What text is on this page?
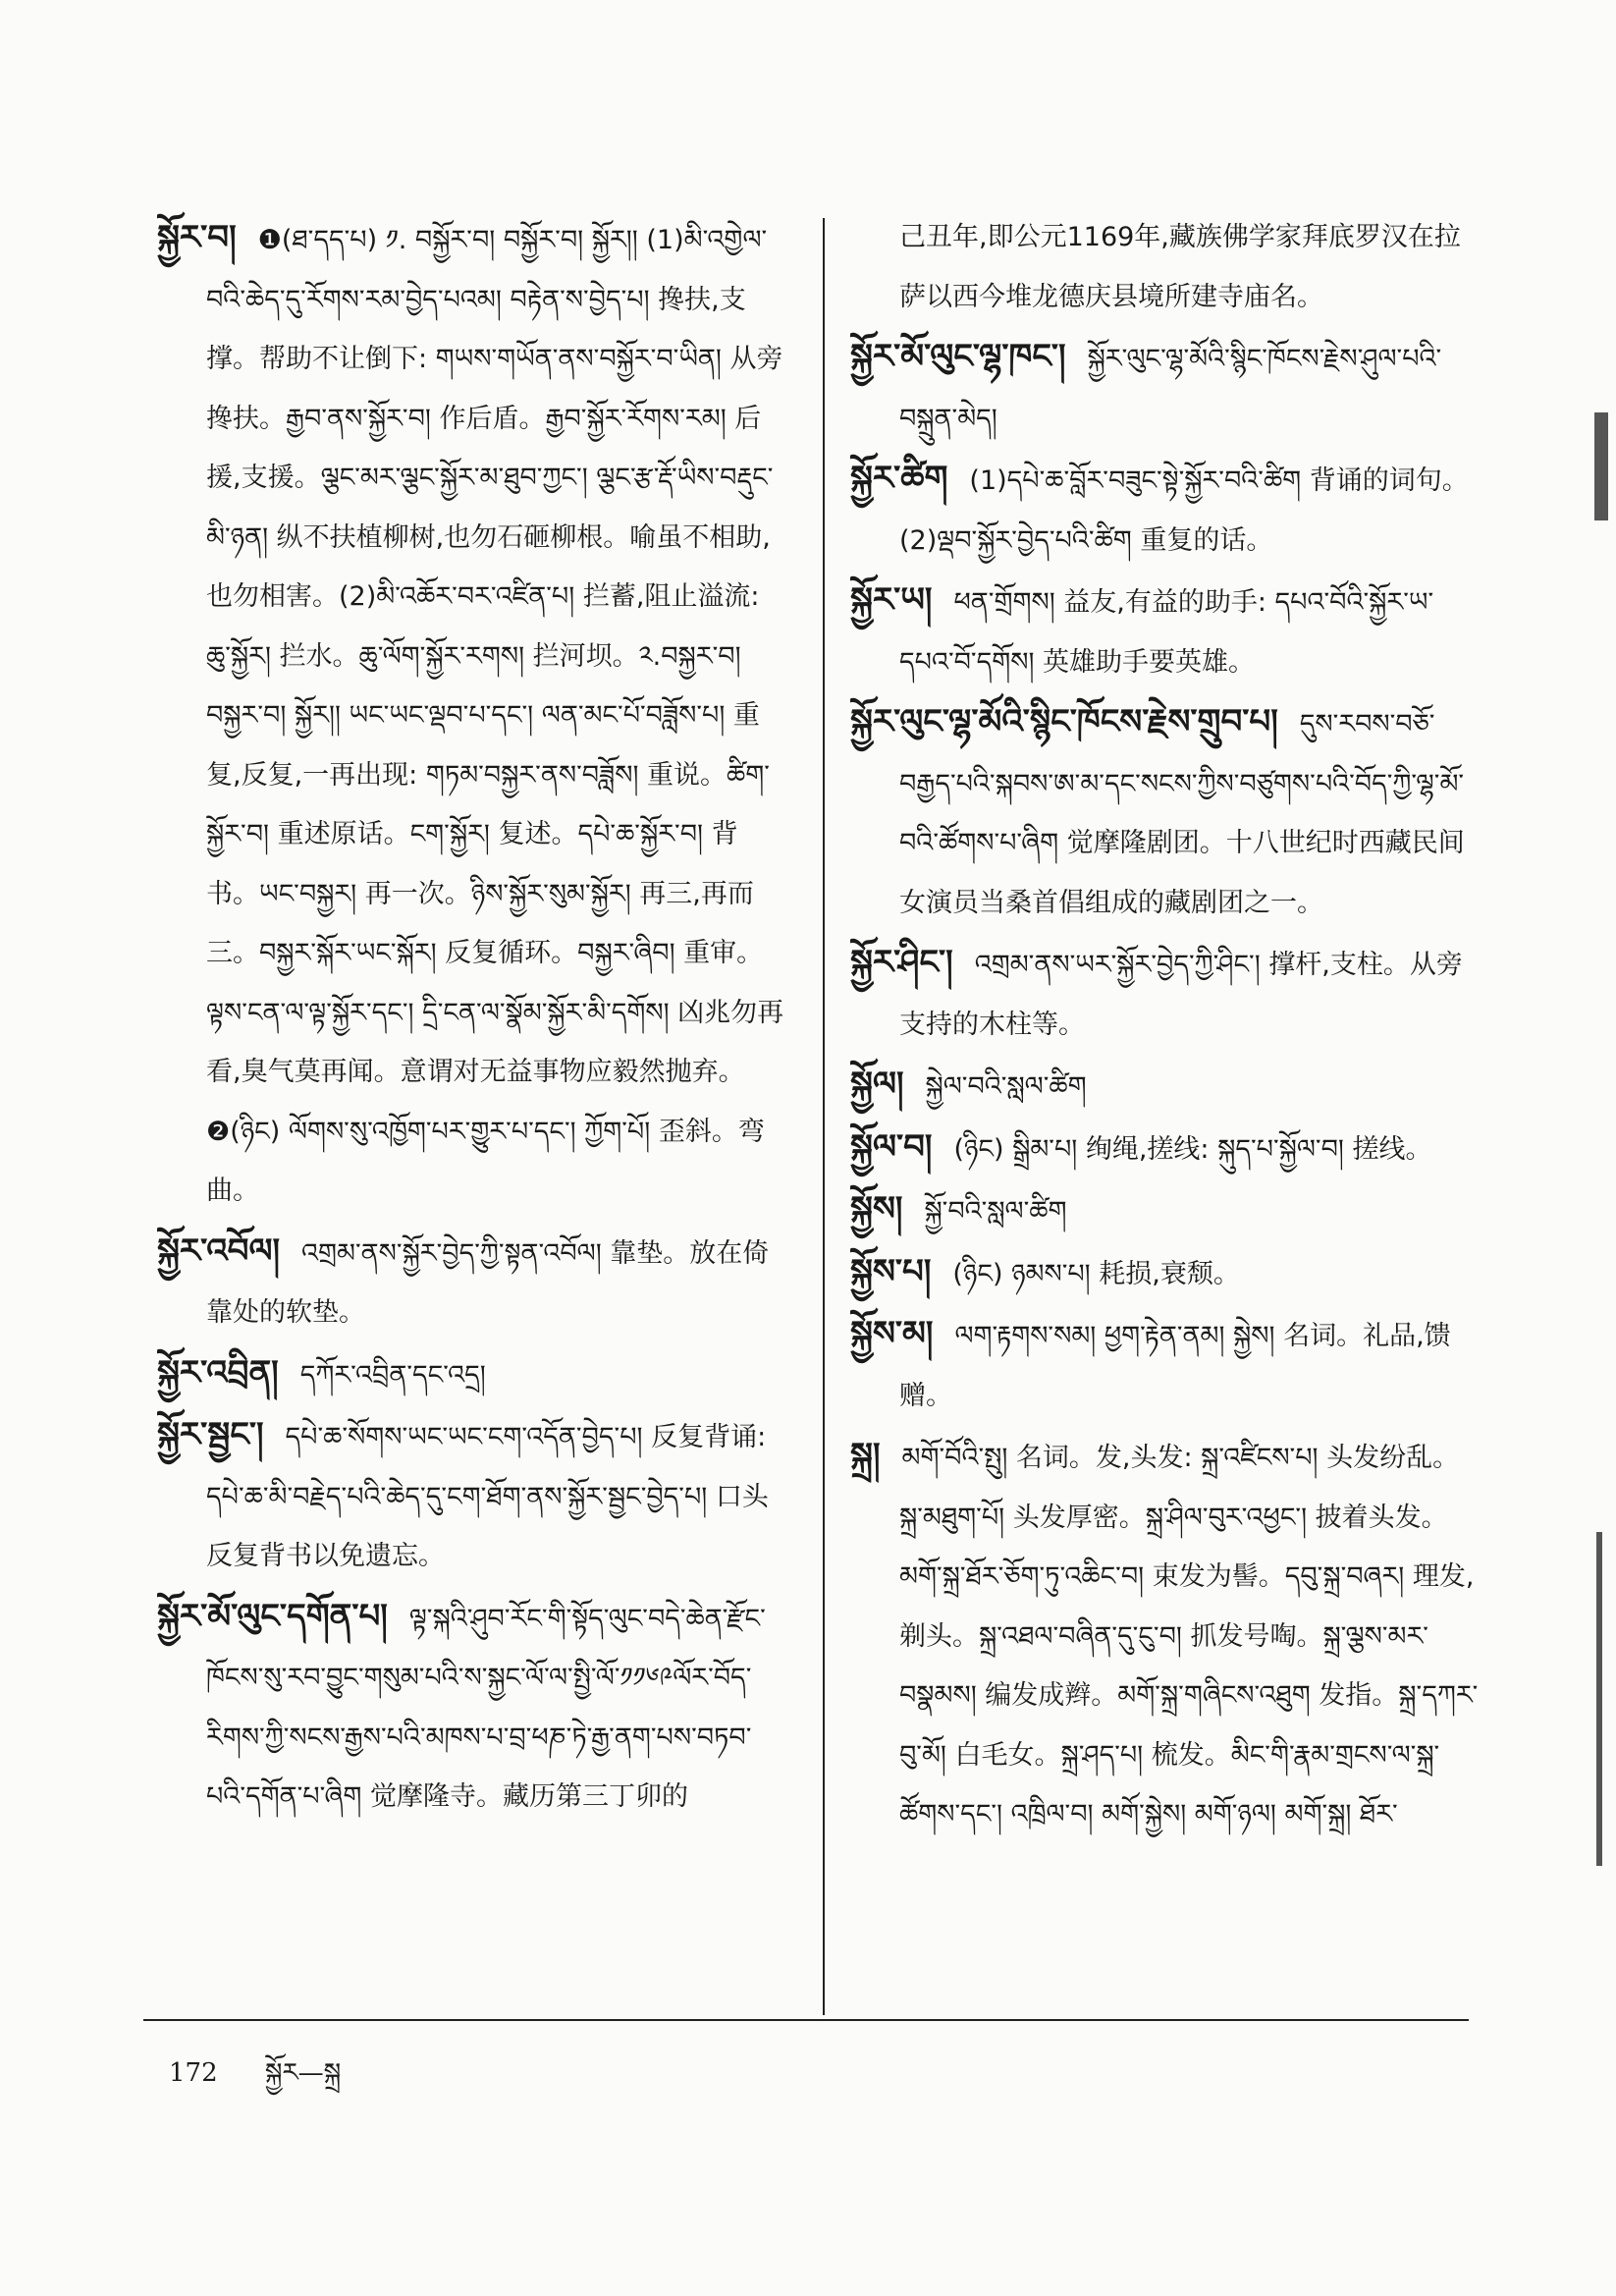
སྐྱོར་བ། ❶(ཐ་དད་པ) ༡. བསྐྱོར་བ། བསྐྱོར་བ། སྐྱོར།། (1)མི་འགྱེལ་བའི་ཆེད་དུ་རོགས་རམ་བྱེད་པའམ། བརྟེན་ས་བྱེད་པ། 搀扶,支撑。帮助不让倒下: གཡས་གཡོན་ནས་བསྐྱོར་བ་ཡིན། 从旁搀扶。རྒྱབ་ནས་སྐྱོར་བ། 作后盾。རྒྱབ་སྐྱོར་རོགས་རམ། 后援,支援。ལྕང་མར་ལྕང་སྐྱོར་མ་ཐུབ་ཀྱང་། ལྕང་རྩ་རྡོ་ཡིས་བརྡུང་མི་ཉན། 纵不扶植柳树,也勿石砸柳根。喻虽不相助,也勿相害。(2)མི་འཆོར་བར་འཛིན་པ། 拦蓄,阻止溢流: ཆུ་སྐྱོར། 拦水。ཆུ་ལོག་སྐྱོར་རགས། 拦河坝。༢.བསྐྱར་བ། བསྐྱར་བ། སྐྱོར།། ཡང་ཡང་ལྡབ་པ་དང་། ལན་མང་པོ་བཟློས་པ། 重复,反复,一再出现: གཏམ་བསྐྱར་ནས་བཟློས། 重说。ཚིག་སྐྱོར་བ། 重述原话。ངག་སྐྱོར། 复述。དཔེ་ཆ་སྐྱོར་བ། 背书。ཡང་བསྐྱར། 再一次。ཉིས་སྐྱོར་སུམ་སྐྱོར། 再三,再而三。བསྐྱར་སྐོར་ཡང་སྐོར། 反复循环。བསྐྱར་ཞིབ། 重审。ལྟས་ངན་ལ་ལྟ་སྐྱོར་དང་། དྲི་ངན་ལ་སྣོམ་སྐྱོར་མི་དགོས། 凶兆勿再看,臭气莫再闻。意谓对无益事物应毅然抛弃。❷(ཉིང) ལོགས་སུ་འཁྱོག་པར་གྱུར་པ་དང་། ཀྱོག་པོ། 歪斜。弯曲。
སྐྱོར་འབོལ། འགྲམ་ནས་སྐྱོར་བྱེད་ཀྱི་སྟན་འབོལ། 靠垫。放在倚靠处的软垫。
སྐྱོར་འབྲིན། དཀོར་འབྲིན་དང་འདྲ།
སྐྱོར་སྦྱང་། དཔེ་ཆ་སོགས་ཡང་ཡང་ངག་འདོན་བྱེད་པ། 反复背诵: དཔེ་ཆ་མི་བརྗེད་པའི་ཆེད་དུ་ངག་ཐོག་ནས་སྐྱོར་སྦྱང་བྱེད་པ། 口头反复背书以免遗忘。
སྐྱོར་མོ་ལུང་དགོན་པ། ལྟ་སྐའི་ཤུབ་རོང་གི་སྟོད་ལུང་བདེ་ཆེན་རྫོང་ཁོངས་སུ་རབ་བྱུང་གསུམ་པའི་ས་སྐྱང་ལོ་ལ་སྤྱི་ལོ་༡༡༦༩ལོར་བོད་རིགས་ཀྱི་སངས་རྒྱས་པའི་མཁས་པ་བྲ་ཕཎ་ཏེ་རྒྱ་ནག་པས་བཏབ་པའི་དགོན་པ་ཞིག 觉摩隆寺。藏历第三丁卯的
己丑年,即公元1169年,藏族佛学家拜底罗汉在拉萨以西今堆龙德庆县境所建寺庙名。
སྐྱོར་མོ་ལུང་ལྷ་ཁང་། སྐྱོར་ལུང་ལྷ་མོའི་སྙིང་ཁོངས་རྗེས་ཤུལ་པའི་བསྐྲུན་མེད།
སྐྱོར་ཚིག (1)དཔེ་ཆ་བློར་བཟུང་སྟེ་སྐྱོར་བའི་ཚིག 背诵的词句。(2)ལྡབ་སྐྱོར་བྱེད་པའི་ཚིག 重复的话。
སྐྱོར་ཡ། ཕན་གྲོགས། 益友,有益的助手: དཔའ་བོའི་སྐྱོར་ཡ་དཔའ་བོ་དགོས། 英雄助手要英雄。
སྐྱོར་ལུང་ལྷ་མོའི་སྙིང་ཁོངས་རྗེས་གྲུབ་པ། དུས་རབས་བཅོ་བརྒྱད་པའི་སྐབས་ཨ་མ་དང་སངས་ཀྱིས་བཙུགས་པའི་བོད་ཀྱི་ལྷ་མོ་བའི་ཚོགས་པ་ཞིག 觉摩隆剧团。十八世纪时西藏民间女演员当桑首倡组成的藏剧团之一。
སྐྱོར་ཤིང་། འགྲམ་ནས་ཡར་སྐྱོར་བྱེད་ཀྱི་ཤིང་། 撑杆,支柱。从旁支持的木柱等。
སྐྱོལ། སྐྱེལ་བའི་སླལ་ཚིག
སྐྱོལ་བ། (ཉིང) སྒྲིམ་པ། 绚绳,搓线: སྐུད་པ་སྐྱོལ་བ། 搓线。
སྐྱོས། སྐྱོ་བའི་སླལ་ཚིག
སྐྱོས་པ། (ཉིང) ཉམས་པ། 耗损,衰颓。
སྐྱོས་མ། ལག་རྟགས་སམ། ཕྱག་རྟེན་ནམ། སྐྱེས། 名词。礼品,馈赠。
སྐྲ། མགོ་བོའི་སྤུ། 名词。发,头发: སྐྲ་འཛིངས་པ། 头发纷乱。སྐྲ་མཐུག་པོ། 头发厚密。སྐྲ་ཤིལ་བུར་འཕྱང་། 披着头发。མགོ་སྐྲ་ཐོར་ཅོག་ཏུ་འཆིང་བ། 束发为髻。དབུ་སྐྲ་བཞར། 理发,剃头。སྐྲ་འཐལ་བཞིན་དུ་ངུ་བ། 抓发号啕。སྐྲ་ལྕས་མར་བསྣམས། 编发成辫。མགོ་སྐྲ་གཞིངས་འཐུག 发指。སྐྲ་དཀར་བུ་མོ། 白毛女。སྐྲ་ཤད་པ། 梳发。མིང་གི་རྣམ་གྲངས་ལ་སྐྲ་ཚོགས་དང་། འཁྲིལ་བ། མགོ་སྐྱེས། མགོ་ཉལ། མགོ་སྐྲ། ཐོར་
172 སྐྱོར—སྐྲ
